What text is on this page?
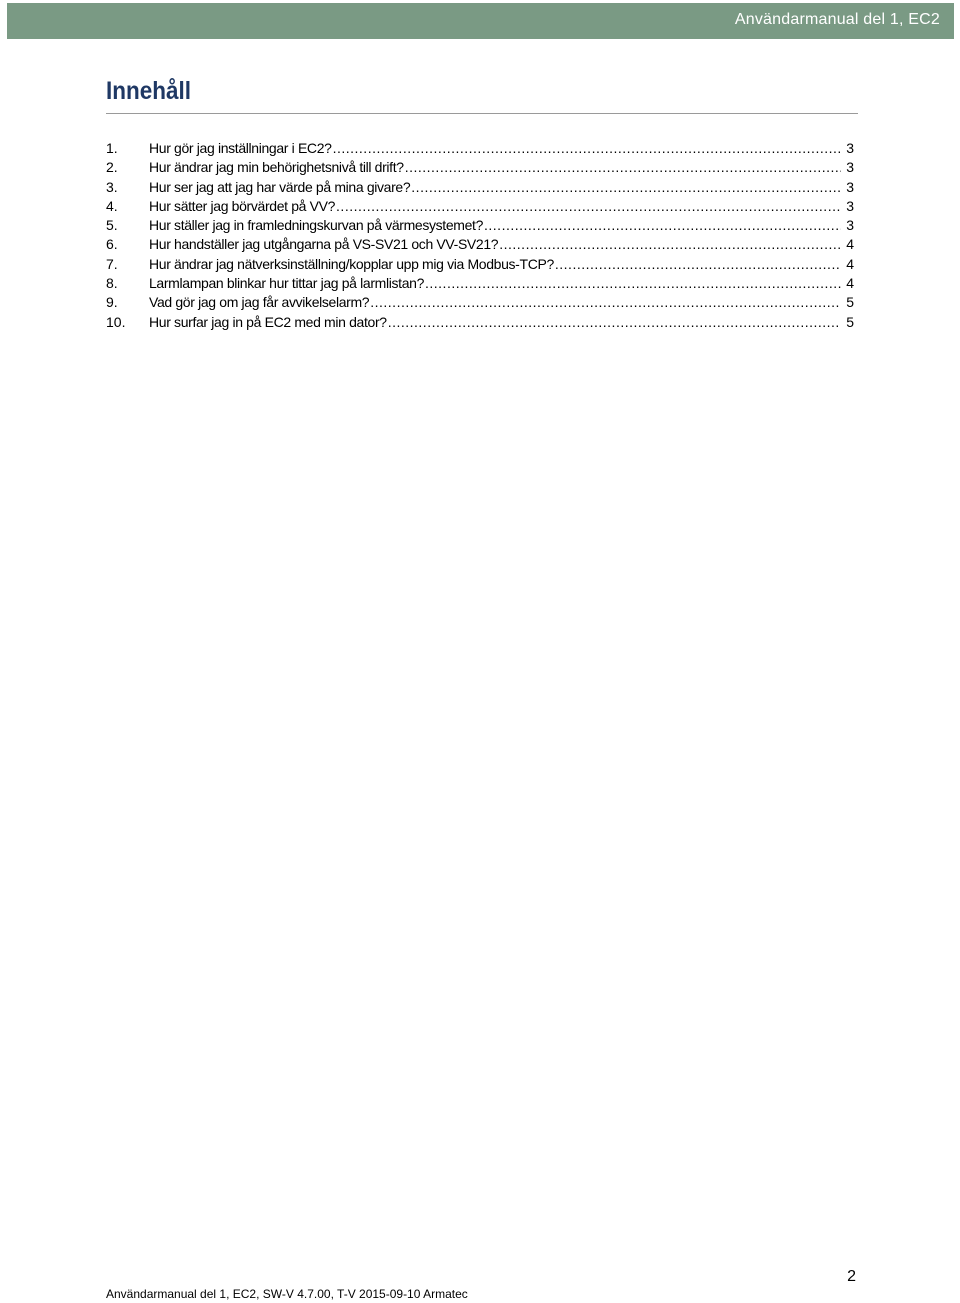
Användarmanual del 1, EC2
Innehåll
1.	Hur gör jag inställningar i EC2? .....	3
2.	Hur ändrar jag min behörighetsnivå till drift? .....	3
3.	Hur ser jag att jag har värde på mina givare? .....	3
4.	Hur sätter jag börvärdet på VV? .....	3
5.	Hur ställer jag in framledningskurvan på värmesystemet? .....	3
6.	Hur handställer jag utgångarna på VS-SV21 och VV-SV21? .....	4
7.	Hur ändrar jag nätverksinställning/kopplar upp mig via Modbus-TCP? .....	4
8.	Larmlampan blinkar hur tittar jag på larmlistan? .....	4
9.	Vad gör jag om jag får avvikelselarm? .....	5
10.	Hur surfar jag in på EC2 med min dator? .....	5
2
Användarmanual del 1, EC2, SW-V 4.7.00, T-V 2015-09-10 Armatec
